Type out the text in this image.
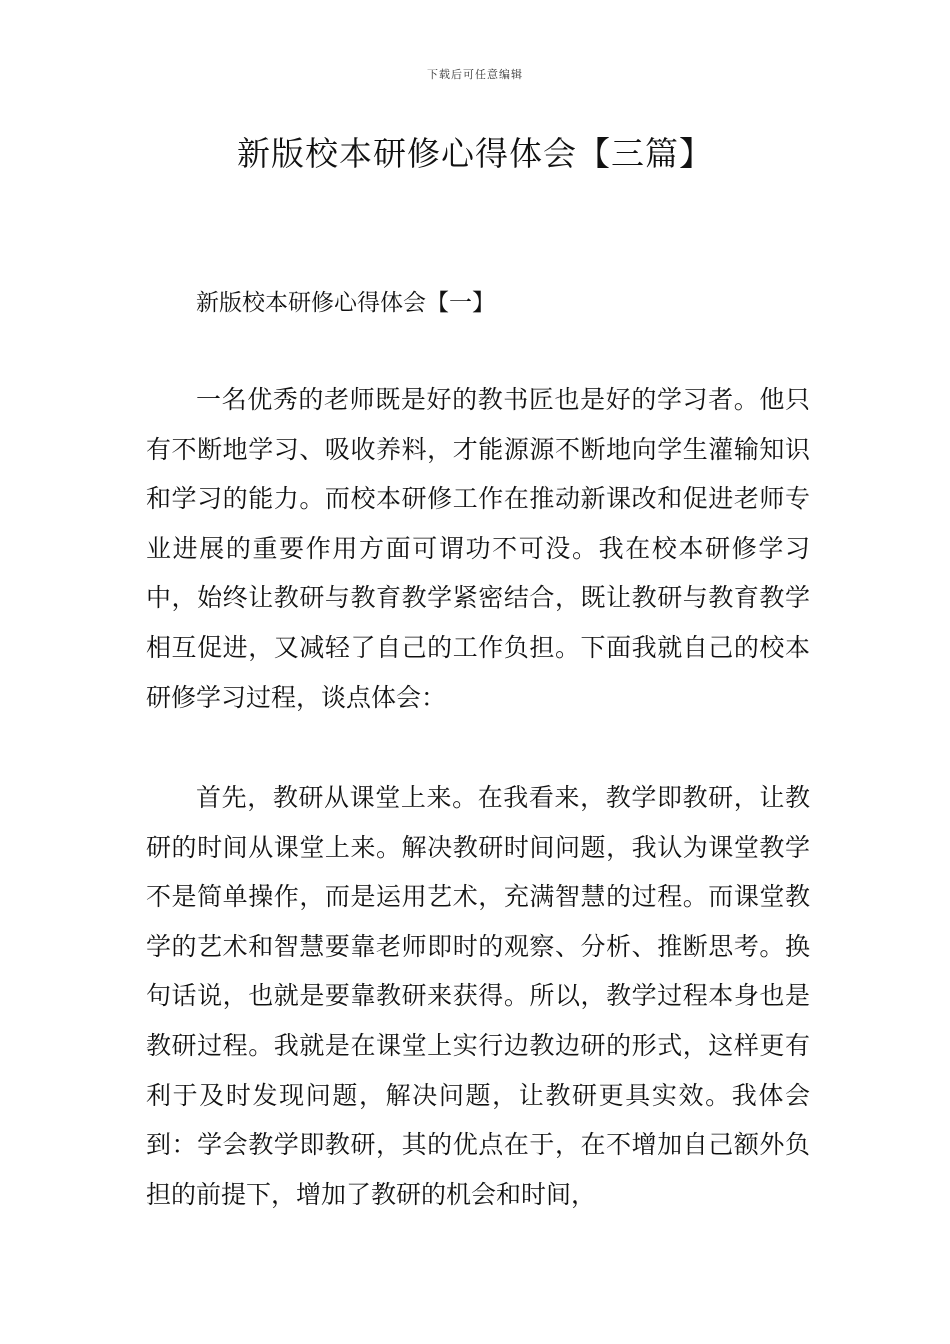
下载后可任意编辑
新版校本研修心得体会【三篇】
新版校本研修心得体会【一】

一名优秀的老师既是好的教书匠也是好的学习者。他只有不断地学习、吸收养料，才能源源不断地向学生灌输知识和学习的能力。而校本研修工作在推动新课改和促进老师专业进展的重要作用方面可谓功不可没。我在校本研修学习中，始终让教研与教育教学紧密结合，既让教研与教育教学相互促进，又减轻了自己的工作负担。下面我就自己的校本研修学习过程，谈点体会：

首先，教研从课堂上来。在我看来，教学即教研，让教研的时间从课堂上来。解决教研时间问题，我认为课堂教学不是简单操作，而是运用艺术，充满智慧的过程。而课堂教学的艺术和智慧要靠老师即时的观察、分析、推断思考。换句话说，也就是要靠教研来获得。所以，教学过程本身也是教研过程。我就是在课堂上实行边教边研的形式，这样更有利于及时发现问题，解决问题，让教研更具实效。我体会到：学会教学即教研，其的优点在于，在不增加自己额外负担的前提下，增加了教研的机会和时间，
